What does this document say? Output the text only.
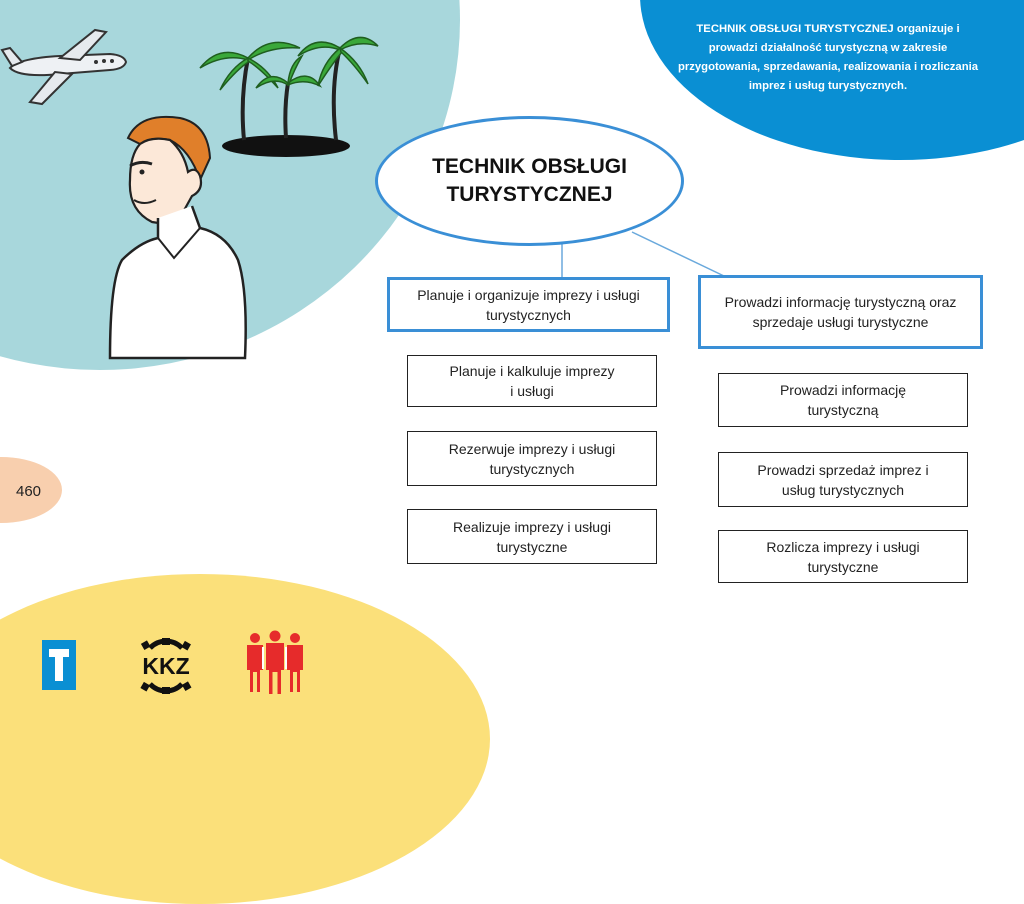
460
TECHNIK OBSŁUGI TURYSTYCZNEJ organizuje i prowadzi działalność turystyczną w zakresie przygotowania, sprzedawania, realizowania i rozliczania imprez i usług turystycznych.
TECHNIK OBSŁUGI TURYSTYCZNEJ
Planuje i organizuje imprezy i usługi turystycznych
Planuje i kalkuluje imprezy i usługi
Rezerwuje imprezy i usługi turystycznych
Realizuje imprezy i usługi turystyczne
Prowadzi informację turystyczną oraz sprzedaje usługi turystyczne
Prowadzi informację turystyczną
Prowadzi sprzedaż imprez i usług turystycznych
Rozlicza imprezy i usługi turystyczne
KKZ
